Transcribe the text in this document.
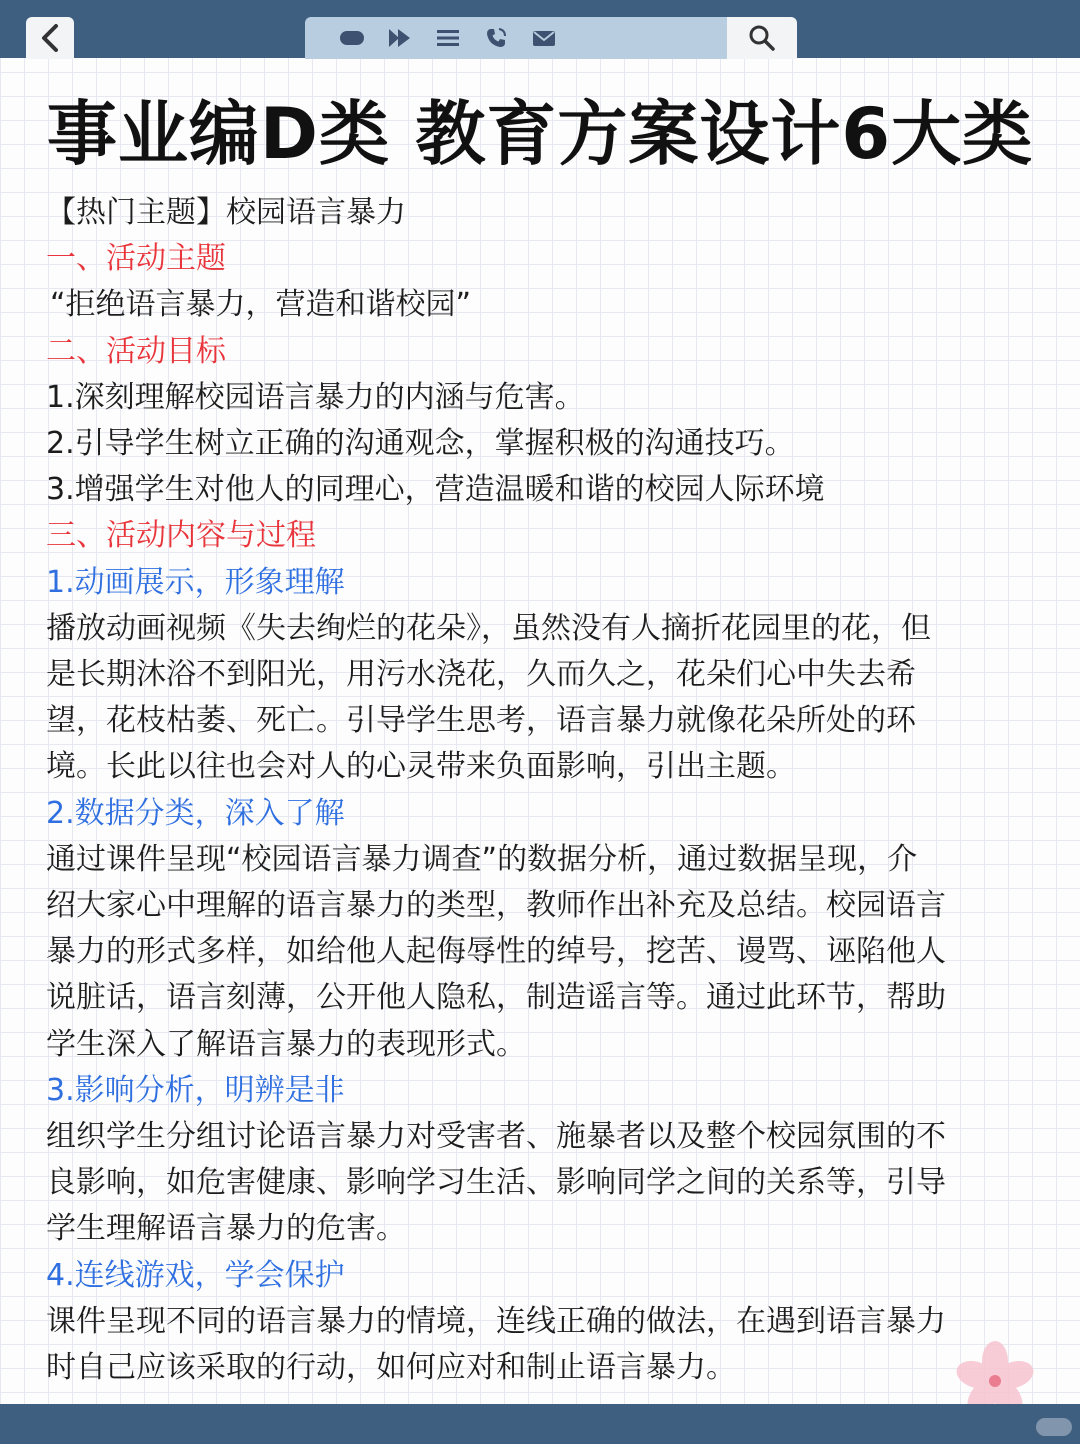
事业编D类 教育方案设计6大类
【热门主题】校园语言暴力
一、活动主题
“拒绝语言暴力，营造和谐校园”
二、活动目标
1.深刻理解校园语言暴力的内涵与危害。
2.引导学生树立正确的沟通观念，掌握积极的沟通技巧。
3.增强学生对他人的同理心，营造温暖和谐的校园人际环境
三、活动内容与过程
1.动画展示，形象理解
播放动画视频《失去绚烂的花朵》，虽然没有人摘折花园里的花，但
是长期沐浴不到阳光，用污水浇花，久而久之，花朵们心中失去希
望，花枝枯萎、死亡。引导学生思考，语言暴力就像花朵所处的环
境。长此以往也会对人的心灵带来负面影响，引出主题。
2.数据分类，深入了解
通过课件呈现“校园语言暴力调查”的数据分析，通过数据呈现，介
绍大家心中理解的语言暴力的类型，教师作出补充及总结。校园语言
暴力的形式多样，如给他人起侮辱性的绰号，挖苦、谩骂、诬陷他人
说脏话，语言刻薄，公开他人隐私，制造谣言等。通过此环节，帮助
学生深入了解语言暴力的表现形式。
3.影响分析，明辨是非
组织学生分组讨论语言暴力对受害者、施暴者以及整个校园氛围的不
良影响，如危害健康、影响学习生活、影响同学之间的关系等，引导
学生理解语言暴力的危害。
4.连线游戏，学会保护
课件呈现不同的语言暴力的情境，连线正确的做法，在遇到语言暴力
时自己应该采取的行动，如何应对和制止语言暴力。
